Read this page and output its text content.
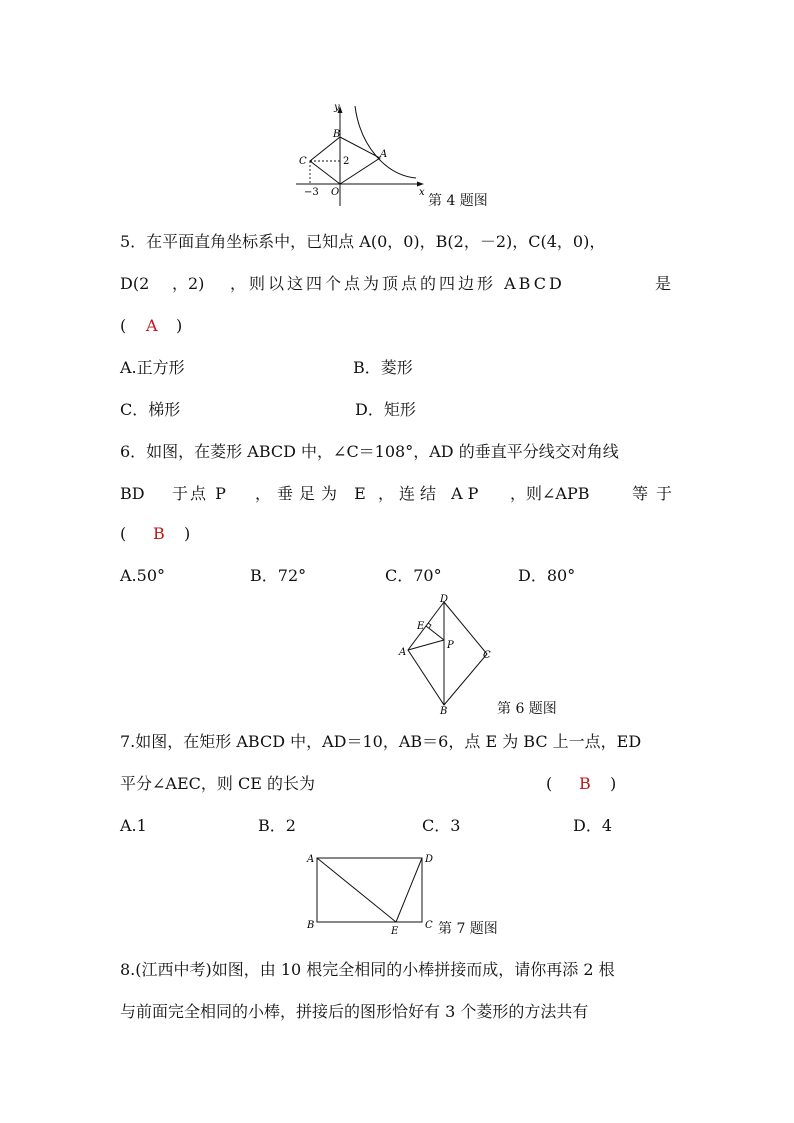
y
x
B
C
A
O
2
−3
第 4 题图
5．在平面直角坐标系中，已知点 A(0，0)，B(2，－2)，C(4，0)，
D(2 ，2) ，则以这四个点为顶点的四边形 ABCD	是
( A )
A.正方形	B．菱形
C．梯形	D．矩形
6．如图，在菱形 ABCD 中，∠C＝108°，AD 的垂直平分线交对角线
BD 于点 P ，垂足为 E ，连结 AP ，则∠APB	等于
( B )
A.50°	B．72°	C．70°	D．80°
D
E
A
P
C
B	第 6 题图
7.如图，在矩形 ABCD 中，AD＝10，AB＝6，点 E 为 BC 上一点，ED
平分∠AEC，则 CE 的长为	( B )
A.1	B．2	C．3	D．4
A	D
B
E
C 第 7 题图
8.(江西中考)如图，由 10 根完全相同的小棒拼接而成，请你再添 2 根
与前面完全相同的小棒，拼接后的图形恰好有 3 个菱形的方法共有
